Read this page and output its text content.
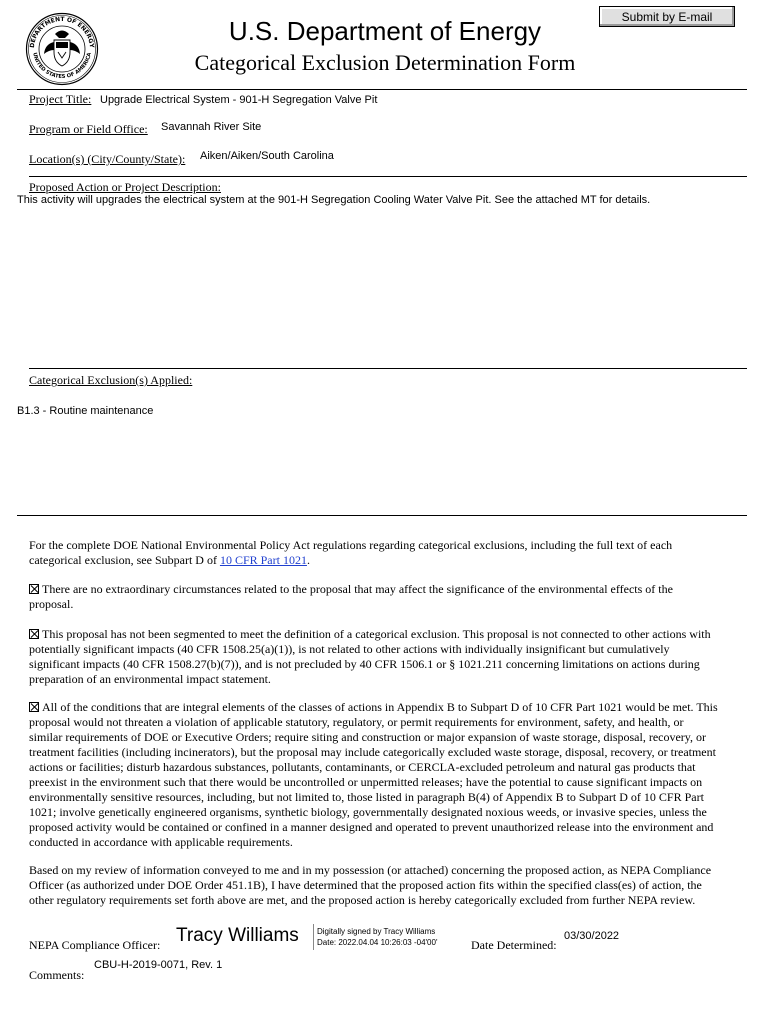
DEPARTMENT OF ENERGY
UNITED STATES OF AMERICA
U.S. Department of Energy
Categorical Exclusion Determination Form
Submit by E-mail
Project Title: Upgrade Electrical System - 901-H Segregation Valve Pit
Program or Field Office: Savannah River Site
Location(s) (City/County/State): Aiken/Aiken/South Carolina
Proposed Action or Project Description:
This activity will upgrades the electrical system at the 901-H Segregation Cooling Water Valve Pit. See the attached MT for details.
Categorical Exclusion(s) Applied:
B1.3 - Routine maintenance
For the complete DOE National Environmental Policy Act regulations regarding categorical exclusions, including the full text of each categorical exclusion, see Subpart D of 10 CFR Part 1021.
There are no extraordinary circumstances related to the proposal that may affect the significance of the environmental effects of the proposal.
This proposal has not been segmented to meet the definition of a categorical exclusion. This proposal is not connected to other actions with potentially significant impacts (40 CFR 1508.25(a)(1)), is not related to other actions with individually insignificant but cumulatively significant impacts (40 CFR 1508.27(b)(7)), and is not precluded by 40 CFR 1506.1 or § 1021.211 concerning limitations on actions during preparation of an environmental impact statement.
All of the conditions that are integral elements of the classes of actions in Appendix B to Subpart D of 10 CFR Part 1021 would be met. This proposal would not threaten a violation of applicable statutory, regulatory, or permit requirements for environment, safety, and health, or similar requirements of DOE or Executive Orders; require siting and construction or major expansion of waste storage, disposal, recovery, or treatment facilities (including incinerators), but the proposal may include categorically excluded waste storage, disposal, recovery, or treatment actions or facilities; disturb hazardous substances, pollutants, contaminants, or CERCLA-excluded petroleum and natural gas products that preexist in the environment such that there would be uncontrolled or unpermitted releases; have the potential to cause significant impacts on environmentally sensitive resources, including, but not limited to, those listed in paragraph B(4) of Appendix B to Subpart D of 10 CFR Part 1021; involve genetically engineered organisms, synthetic biology, governmentally designated noxious weeds, or invasive species, unless the proposed activity would be contained or confined in a manner designed and operated to prevent unauthorized release into the environment and conducted in accordance with applicable requirements.
Based on my review of information conveyed to me and in my possession (or attached) concerning the proposed action, as NEPA Compliance Officer (as authorized under DOE Order 451.1B), I have determined that the proposed action fits within the specified class(es) of action, the other regulatory requirements set forth above are met, and the proposed action is hereby categorically excluded from further NEPA review.
NEPA Compliance Officer: Tracy Williams Digitally signed by Tracy Williams
Date: 2022.04.04 10:26:03 -04'00'	Date Determined:
03/30/2022
Comments:
CBU-H-2019-0071, Rev. 1
